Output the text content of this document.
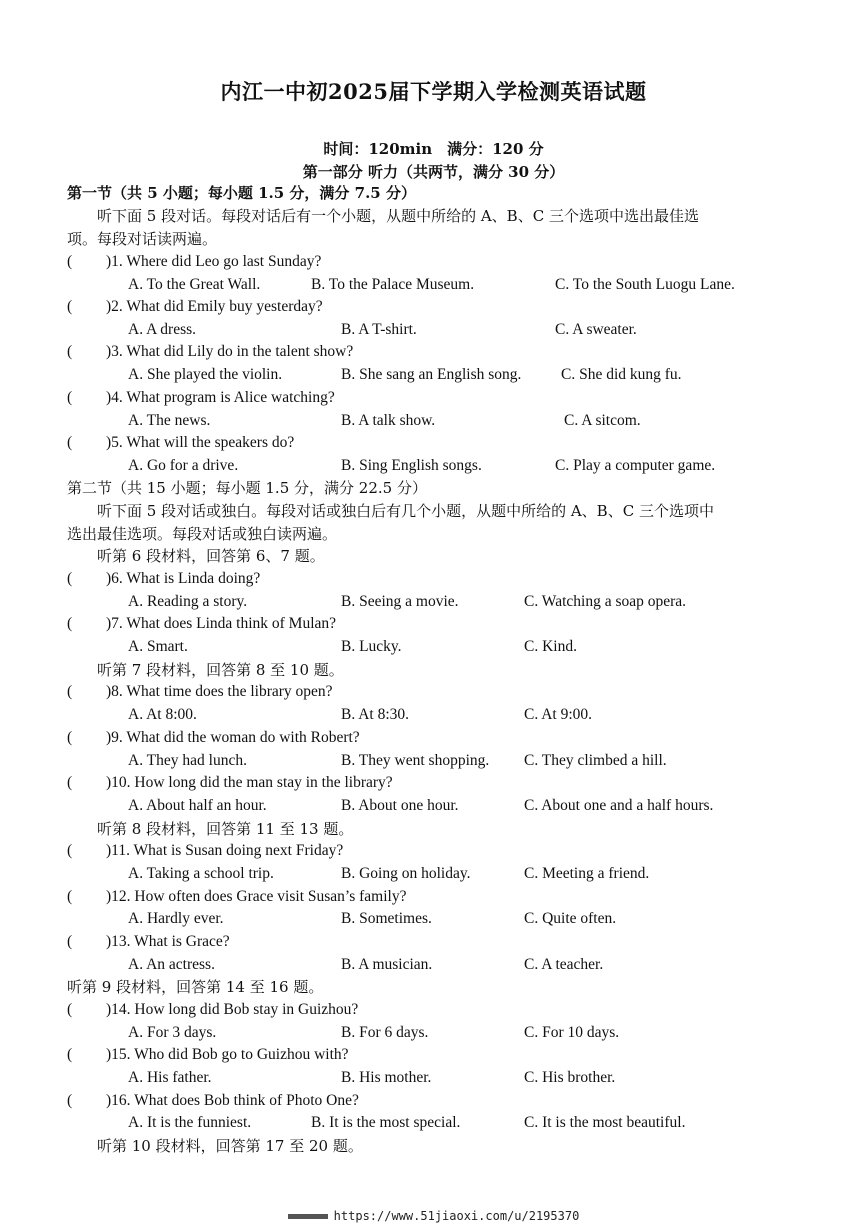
内江一中初2025届下学期入学检测英语试题
时间：120min　满分：120 分
第一部分 听力（共两节，满分 30 分）
第一节（共 5 小题；每小题 1.5 分，满分 7.5 分）
听下面 5 段对话。每段对话后有一个小题，从题中所给的 A、B、C 三个选项中选出最佳选
项。每段对话读两遍。
( )1. Where did Leo go last Sunday?
A. To the Great Wall.	B. To the Palace Museum.	C. To the South Luogu Lane.
( )2. What did Emily buy yesterday?
A. A dress.	B. A T-shirt.	C. A sweater.
( )3. What did Lily do in the talent show?
A. She played the violin.	B. She sang an English song.	C. She did kung fu.
( )4. What program is Alice watching?
A. The news.	B. A talk show.	C. A sitcom.
( )5. What will the speakers do?
A. Go for a drive.	B. Sing English songs.	C. Play a computer game.
第二节（共 15 小题；每小题 1.5 分，满分 22.5 分）
听下面 5 段对话或独白。每段对话或独白后有几个小题，从题中所给的 A、B、C 三个选项中
选出最佳选项。每段对话或独白读两遍。
听第 6 段材料，回答第 6、7 题。
( )6. What is Linda doing?
A. Reading a story.	B. Seeing a movie.	C. Watching a soap opera.
( )7. What does Linda think of Mulan?
A. Smart.	B. Lucky.	C. Kind.
听第 7 段材料，回答第 8 至 10 题。
( )8. What time does the library open?
A. At 8:00.	B. At 8:30.	C. At 9:00.
( )9. What did the woman do with Robert?
A. They had lunch.	B. They went shopping. C. They climbed a hill.
( )10. How long did the man stay in the library?
A. About half an hour.	B. About one hour.	C. About one and a half hours.
听第 8 段材料，回答第 11 至 13 题。
( )11. What is Susan doing next Friday?
A. Taking a school trip.	B. Going on holiday.	C. Meeting a friend.
( )12. How often does Grace visit Susan’s family?
A. Hardly ever.	B. Sometimes.	C. Quite often.
( )13. What is Grace?
A. An actress.	B. A musician.	C. A teacher.
听第 9 段材料，回答第 14 至 16 题。
( )14. How long did Bob stay in Guizhou?
A. For 3 days.	B. For 6 days.	C. For 10 days.
( )15. Who did Bob go to Guizhou with?
A. His father.	B. His mother.	C. His brother.
( )16. What does Bob think of Photo One?
A. It is the funniest.	B. It is the most special.	C. It is the most beautiful.
听第 10 段材料，回答第 17 至 20 题。
https://www.51jiaoxi.com/u/2195370
